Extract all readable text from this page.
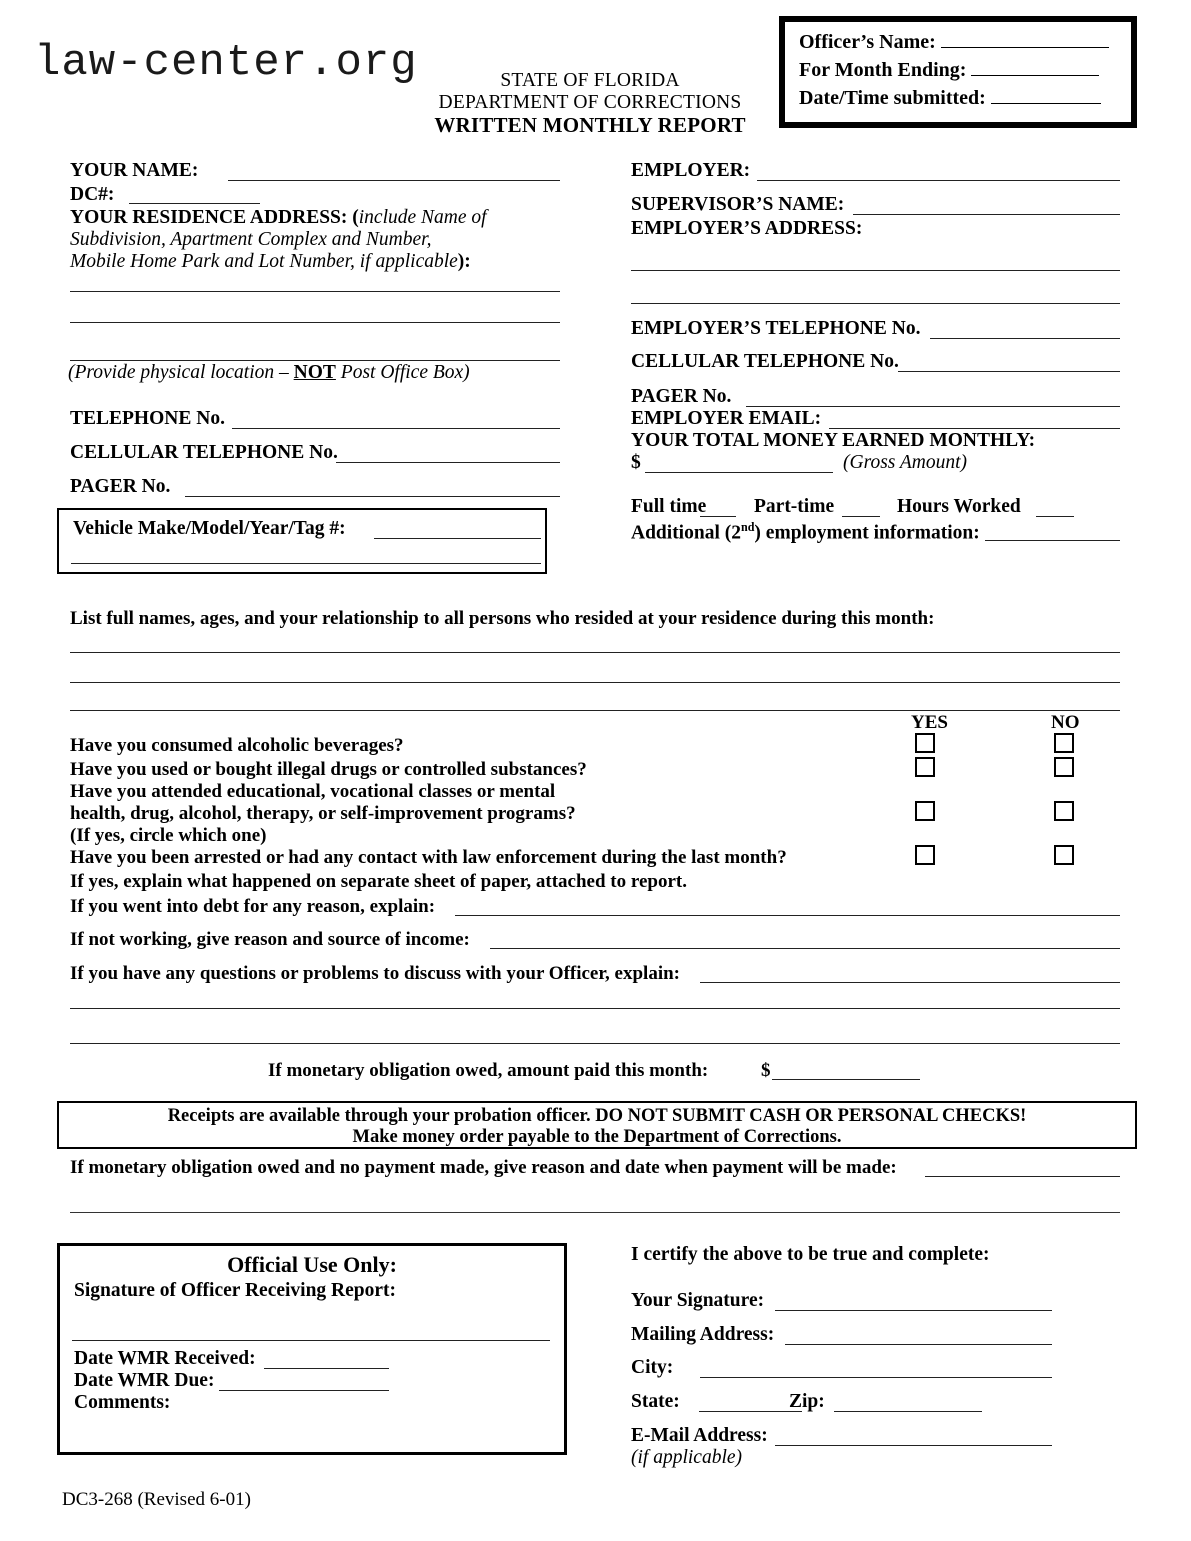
law-center.org	STATE OF FLORIDA
DEPARTMENT OF CORRECTIONS
WRITTEN MONTHLY REPORT
Officer’s Name:
For Month Ending:
Date/Time submitted:
YOUR NAME:
DC#:
YOUR RESIDENCE ADDRESS: (include Name of
Subdivision, Apartment Complex and Number,
Mobile Home Park and Lot Number, if applicable):
(Provide physical location – NOT Post Office Box)
TELEPHONE No.
CELLULAR TELEPHONE No.
PAGER No.
Vehicle Make/Model/Year/Tag #:
EMPLOYER:
SUPERVISOR’S NAME:
EMPLOYER’S ADDRESS:
EMPLOYER’S TELEPHONE No.
CELLULAR TELEPHONE No.
PAGER No.
EMPLOYER EMAIL:
YOUR TOTAL MONEY EARNED MONTHLY:
$	(Gross Amount)
Full time Part-time	Hours Worked
Additional (2nd) employment information:
List full names, ages, and your relationship to all persons who resided at your residence during this month:
YES	NO
Have you consumed alcoholic beverages?
Have you used or bought illegal drugs or controlled substances?
Have you attended educational, vocational classes or mental
health, drug, alcohol, therapy, or self-improvement programs?
(If yes, circle which one)
Have you been arrested or had any contact with law enforcement during the last month?
If yes, explain what happened on separate sheet of paper, attached to report.
If you went into debt for any reason, explain:
If not working, give reason and source of income:
If you have any questions or problems to discuss with your Officer, explain:
If monetary obligation owed, amount paid this month:	$
Receipts are available through your probation officer. DO NOT SUBMIT CASH OR PERSONAL CHECKS!
Make money order payable to the Department of Corrections.
If monetary obligation owed and no payment made, give reason and date when payment will be made:
Official Use Only:
Signature of Officer Receiving Report:
Date WMR Received:
Date WMR Due:
Comments:
I certify the above to be true and complete:
Your Signature:
Mailing Address:
City:
State:	Zip:
E-Mail Address:
(if applicable)
DC3-268 (Revised 6-01)
